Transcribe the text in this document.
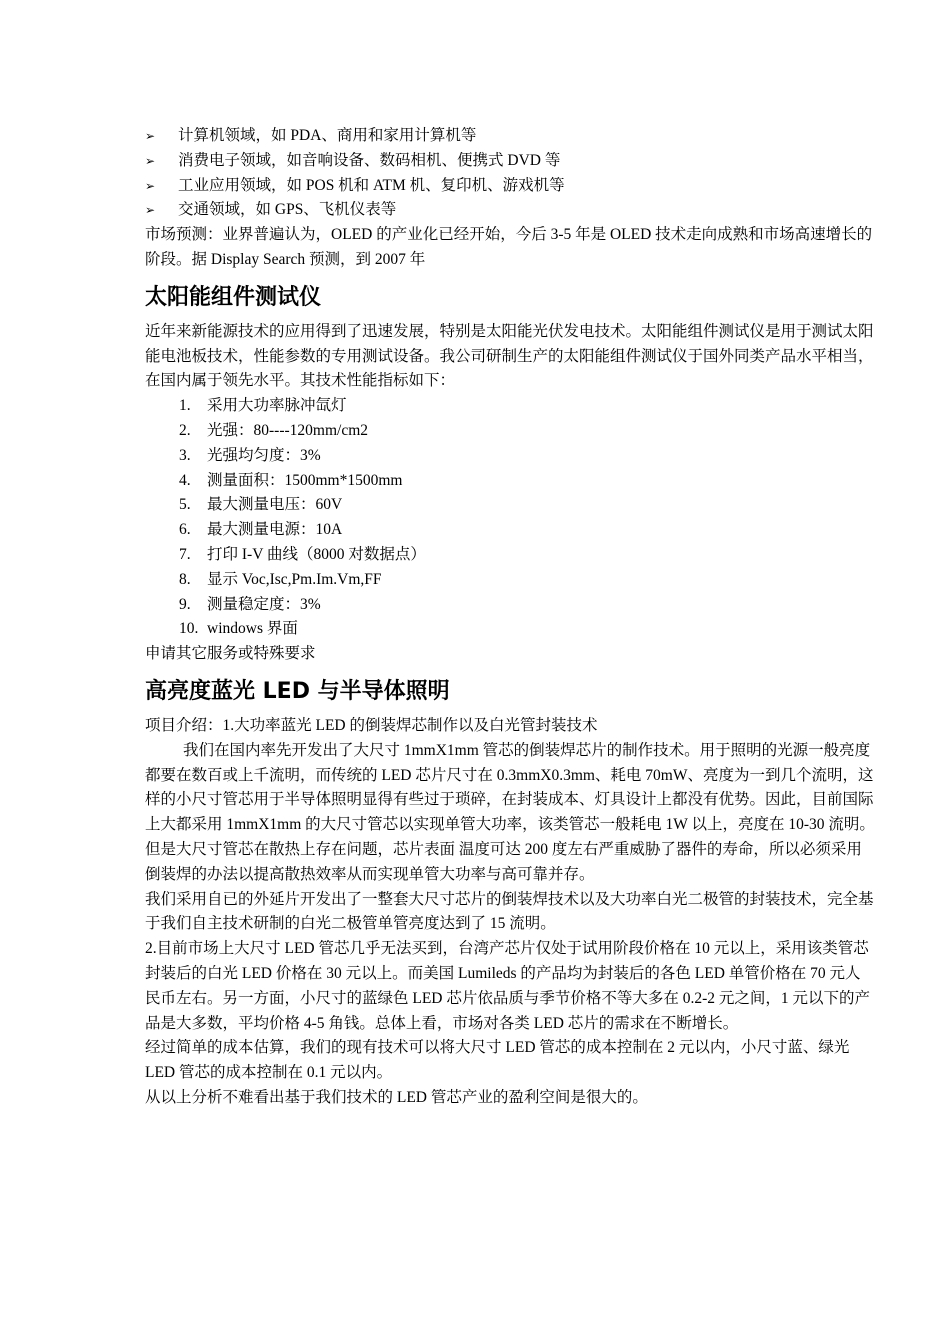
➢ 计算机领域，如 PDA、商用和家用计算机等
➢ 消费电子领域，如音响设备、数码相机、便携式 DVD 等
➢ 工业应用领域，如 POS 机和 ATM 机、复印机、游戏机等
➢ 交通领域，如 GPS、飞机仪表等

市场预测：业界普遍认为，OLED 的产业化已经开始，今后 3-5 年是 OLED 技术走向成熟和市场高速增长的阶段。据 Display Search 预测，到 2007 年

太阳能组件测试仪

近年来新能源技术的应用得到了迅速发展，特别是太阳能光伏发电技术。太阳能组件测试仪是用于测试太阳能电池板技术，性能参数的专用测试设备。我公司研制生产的太阳能组件测试仪于国外同类产品水平相当，在国内属于领先水平。其技术性能指标如下：

1. 采用大功率脉冲氙灯
2. 光强：80----120mm/cm2
3. 光强均匀度：3%
4. 测量面积：1500mm*1500mm
5. 最大测量电压：60V
6. 最大测量电源：10A
7. 打印 I-V 曲线（8000 对数据点）
8. 显示 Voc,Isc,Pm.Im.Vm,FF
9. 测量稳定度：3%
10. windows 界面

申请其它服务或特殊要求

高亮度蓝光 LED 与半导体照明

项目介绍：1.大功率蓝光 LED 的倒装焊芯制作以及白光管封装技术

我们在国内率先开发出了大尺寸 1mmX1mm 管芯的倒装焊芯片的制作技术。用于照明的光源一般亮度都要在数百或上千流明，而传统的 LED 芯片尺寸在 0.3mmX0.3mm、耗电 70mW、亮度为一到几个流明，这样的小尺寸管芯用于半导体照明显得有些过于琐碎，在封装成本、灯具设计上都没有优势。因此，目前国际上大都采用 1mmX1mm 的大尺寸管芯以实现单管大功率，该类管芯一般耗电 1W 以上，亮度在 10-30 流明。但是大尺寸管芯在散热上存在问题，芯片表面 温度可达 200 度左右严重威胁了器件的寿命，所以必须采用倒装焊的办法以提高散热效率从而实现单管大功率与高可靠并存。

我们采用自已的外延片开发出了一整套大尺寸芯片的倒装焊技术以及大功率白光二极管的封装技术，完全基于我们自主技术研制的白光二极管单管亮度达到了 15 流明。

2.目前市场上大尺寸 LED 管芯几乎无法买到，台湾产芯片仅处于试用阶段价格在 10 元以上，采用该类管芯封装后的白光 LED 价格在 30 元以上。而美国 Lumileds 的产品均为封装后的各色 LED 单管价格在 70 元人民币左右。另一方面，小尺寸的蓝绿色 LED 芯片依品质与季节价格不等大多在 0.2-2 元之间，1 元以下的产品是大多数，平均价格 4-5 角钱。总体上看，市场对各类 LED 芯片的需求在不断增长。

经过简单的成本估算，我们的现有技术可以将大尺寸 LED 管芯的成本控制在 2 元以内，小尺寸蓝、绿光 LED 管芯的成本控制在 0.1 元以内。

从以上分析不难看出基于我们技术的 LED 管芯产业的盈利空间是很大的。
